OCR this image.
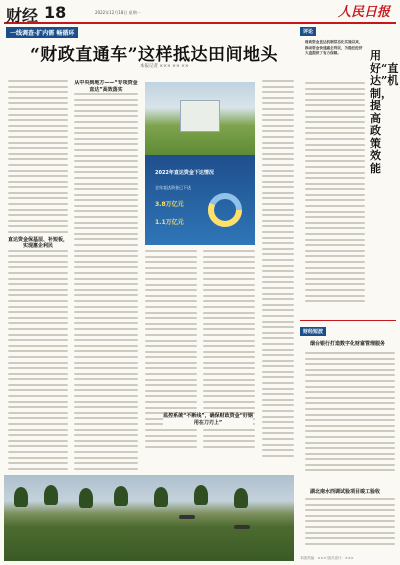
财经 18	2022年12月18日 星期一	人民日报
一线调查·扩内需 畅循环
“财政直通车”这样抵达田间地头
本报记者 ××× ×× ××
直达资金保基层、补短板，实现惠企利民
从中央到地方——“专项资金直达”高效落实
2022年直达资金下达情况
全年直达资金已下达
3.8万亿元
1.1万亿元
监控系统“不断线”，确保财政资金“好钢用在刀刃上”
评论
财政资金直达机制常态化实施以来，推动资金快速惠企利民，为稳住经济大盘提供了有力保障。	用好“直达”机制，提高政策效能
财经短波
烟台银行打造数字化财富管理服务
湖北南水西调试验项目竣工验收
本版责编：××× 版式设计：×××
